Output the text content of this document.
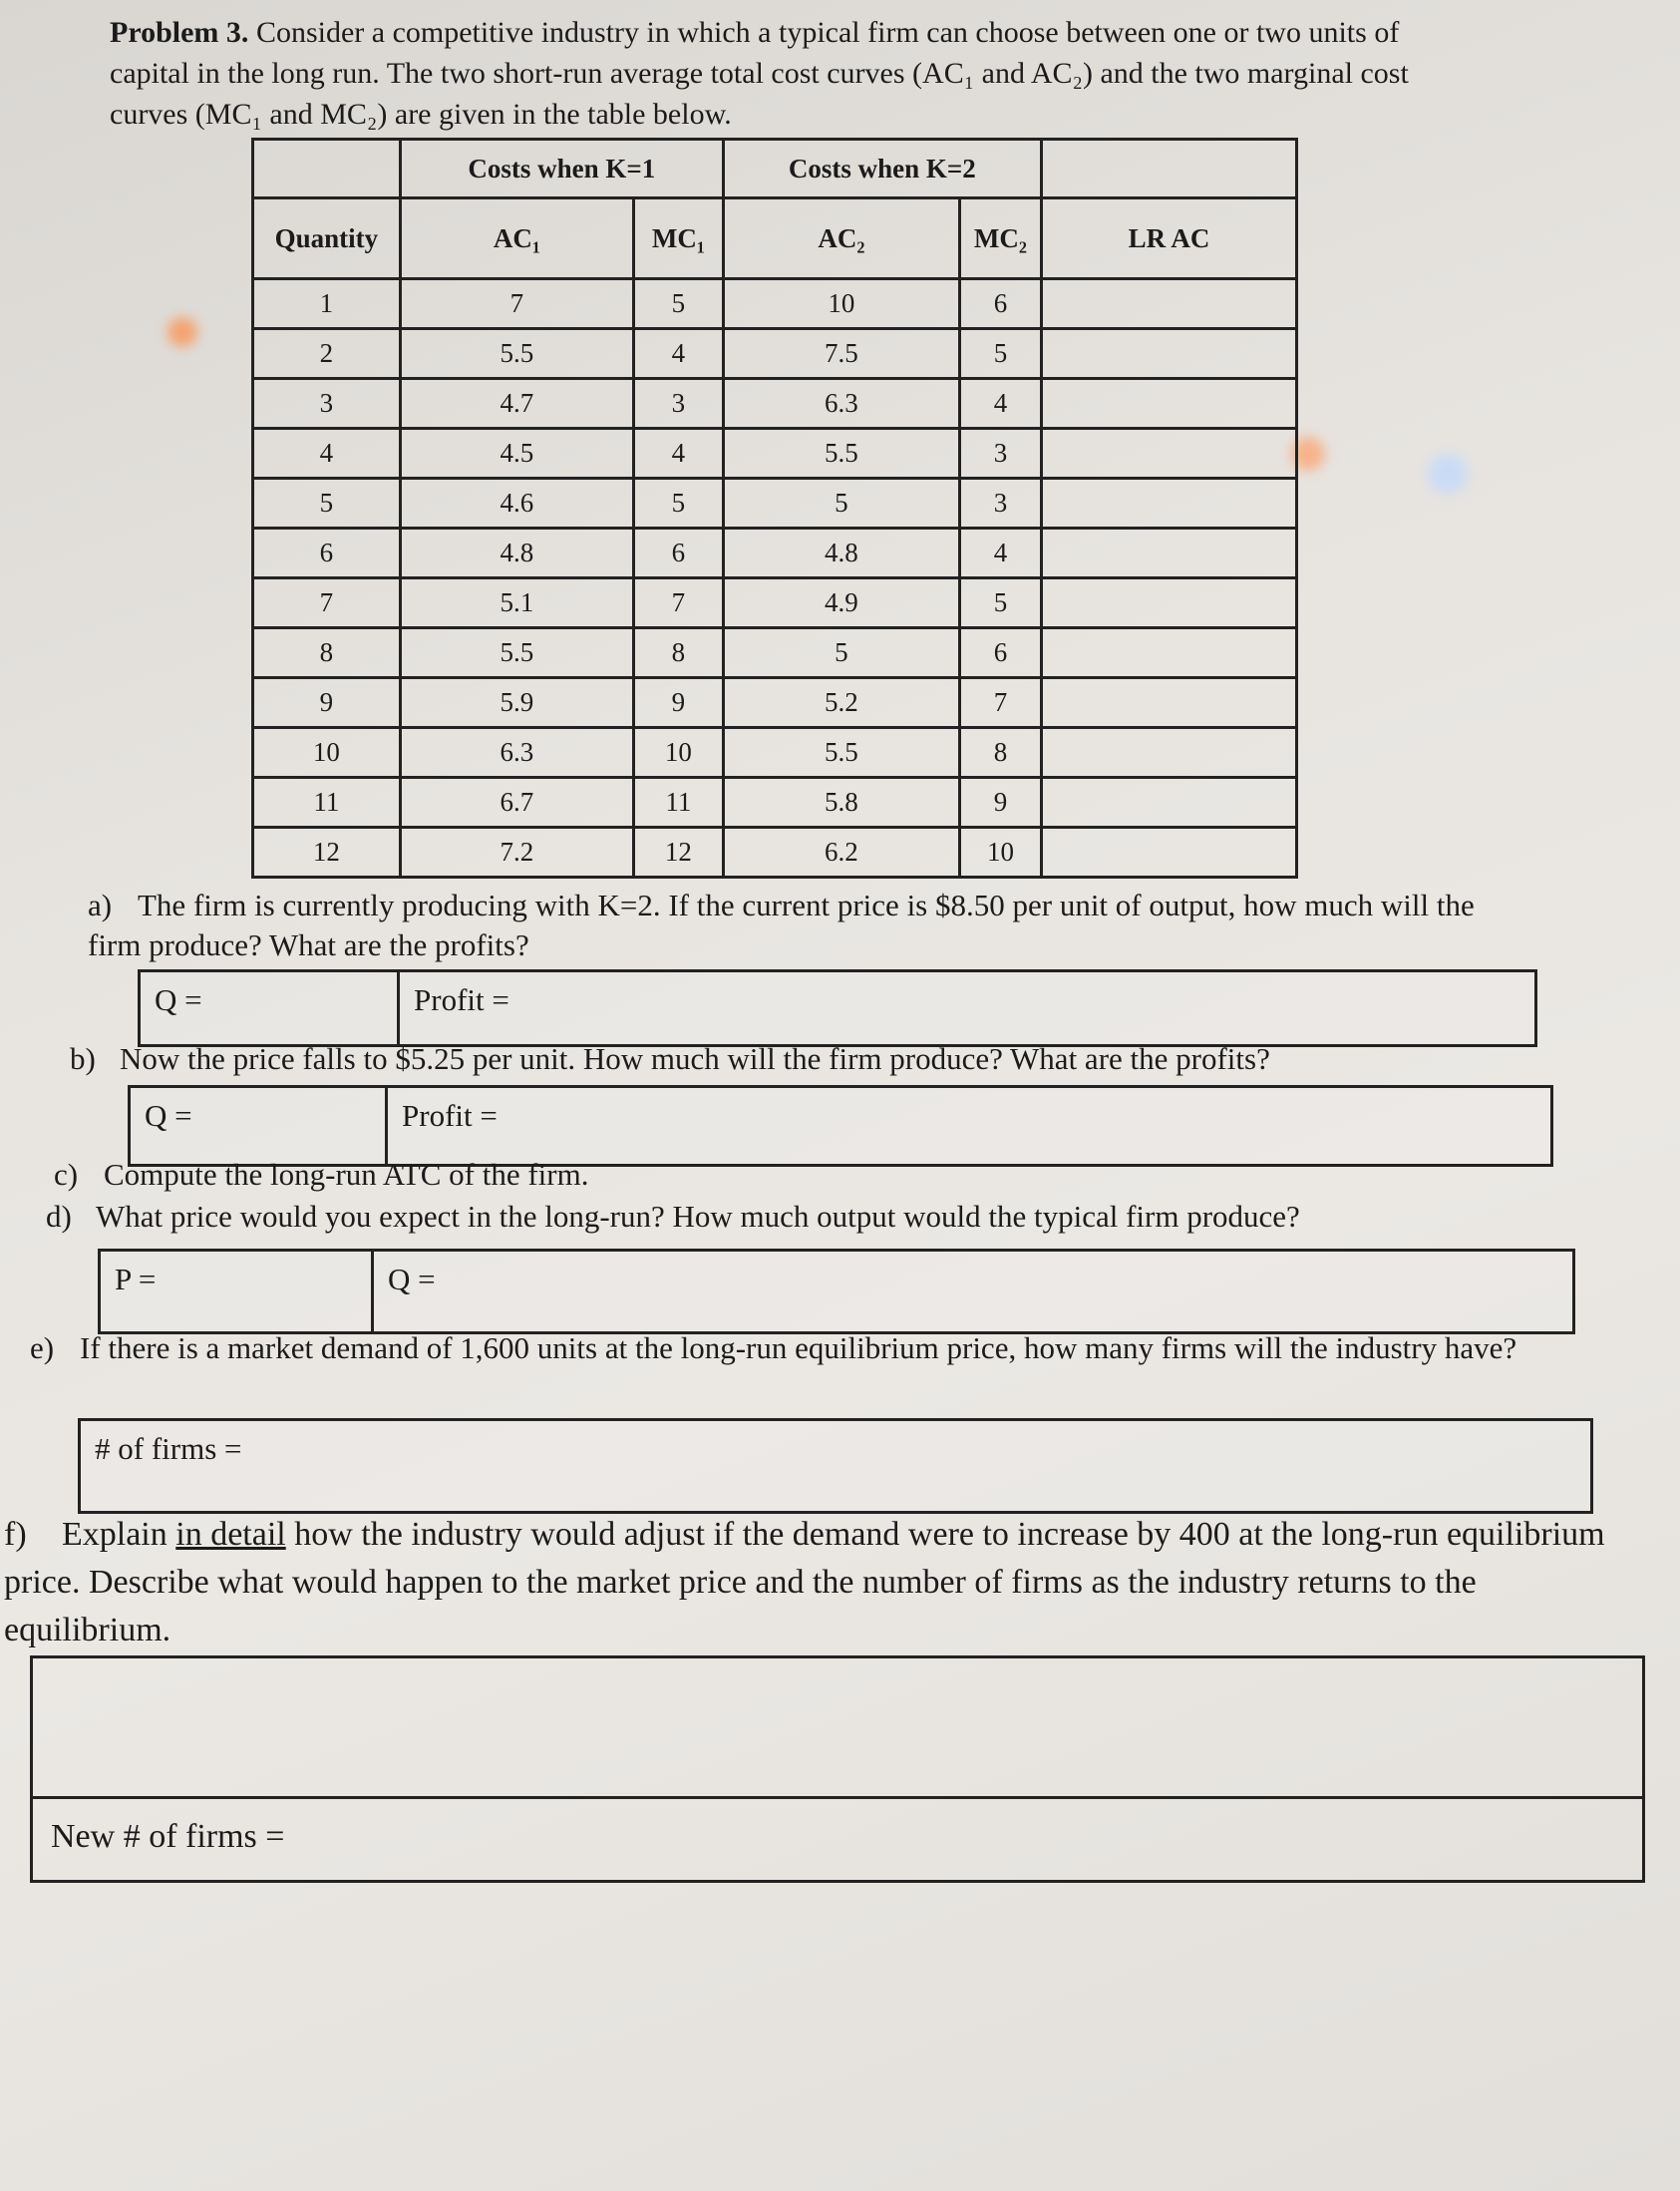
Problem 3. Consider a competitive industry in which a typical firm can choose between one or two units of capital in the long run. The two short-run average total cost curves (AC₁ and AC₂) and the two marginal cost curves (MC₁ and MC₂) are given in the table below.
	Costs when K=1		Costs when K=2		
Quantity	AC₁	MC₁	AC₂	MC₂	LR AC
1	7	5	10	6	
2	5.5	4	7.5	5	
3	4.7	3	6.3	4	
4	4.5	4	5.5	3	
5	4.6	5	5	3	
6	4.8	6	4.8	4	
7	5.1	7	4.9	5	
8	5.5	8	5	6	
9	5.9	9	5.2	7	
10	6.3	10	5.5	8	
11	6.7	11	5.8	9	
12	7.2	12	6.2	10	
a) The firm is currently producing with K=2. If the current price is $8.50 per unit of output, how much will the firm produce? What are the profits?
Q =	Profit =
b) Now the price falls to $5.25 per unit. How much will the firm produce? What are the profits?
Q =	Profit =
c) Compute the long-run ATC of the firm.
d) What price would you expect in the long-run? How much output would the typical firm produce?
P =	Q =
e) If there is a market demand of 1,600 units at the long-run equilibrium price, how many firms will the industry have?
# of firms =
f) Explain in detail how the industry would adjust if the demand were to increase by 400 at the long-run equilibrium price. Describe what would happen to the market price and the number of firms as the industry returns to the equilibrium.
New # of firms =
